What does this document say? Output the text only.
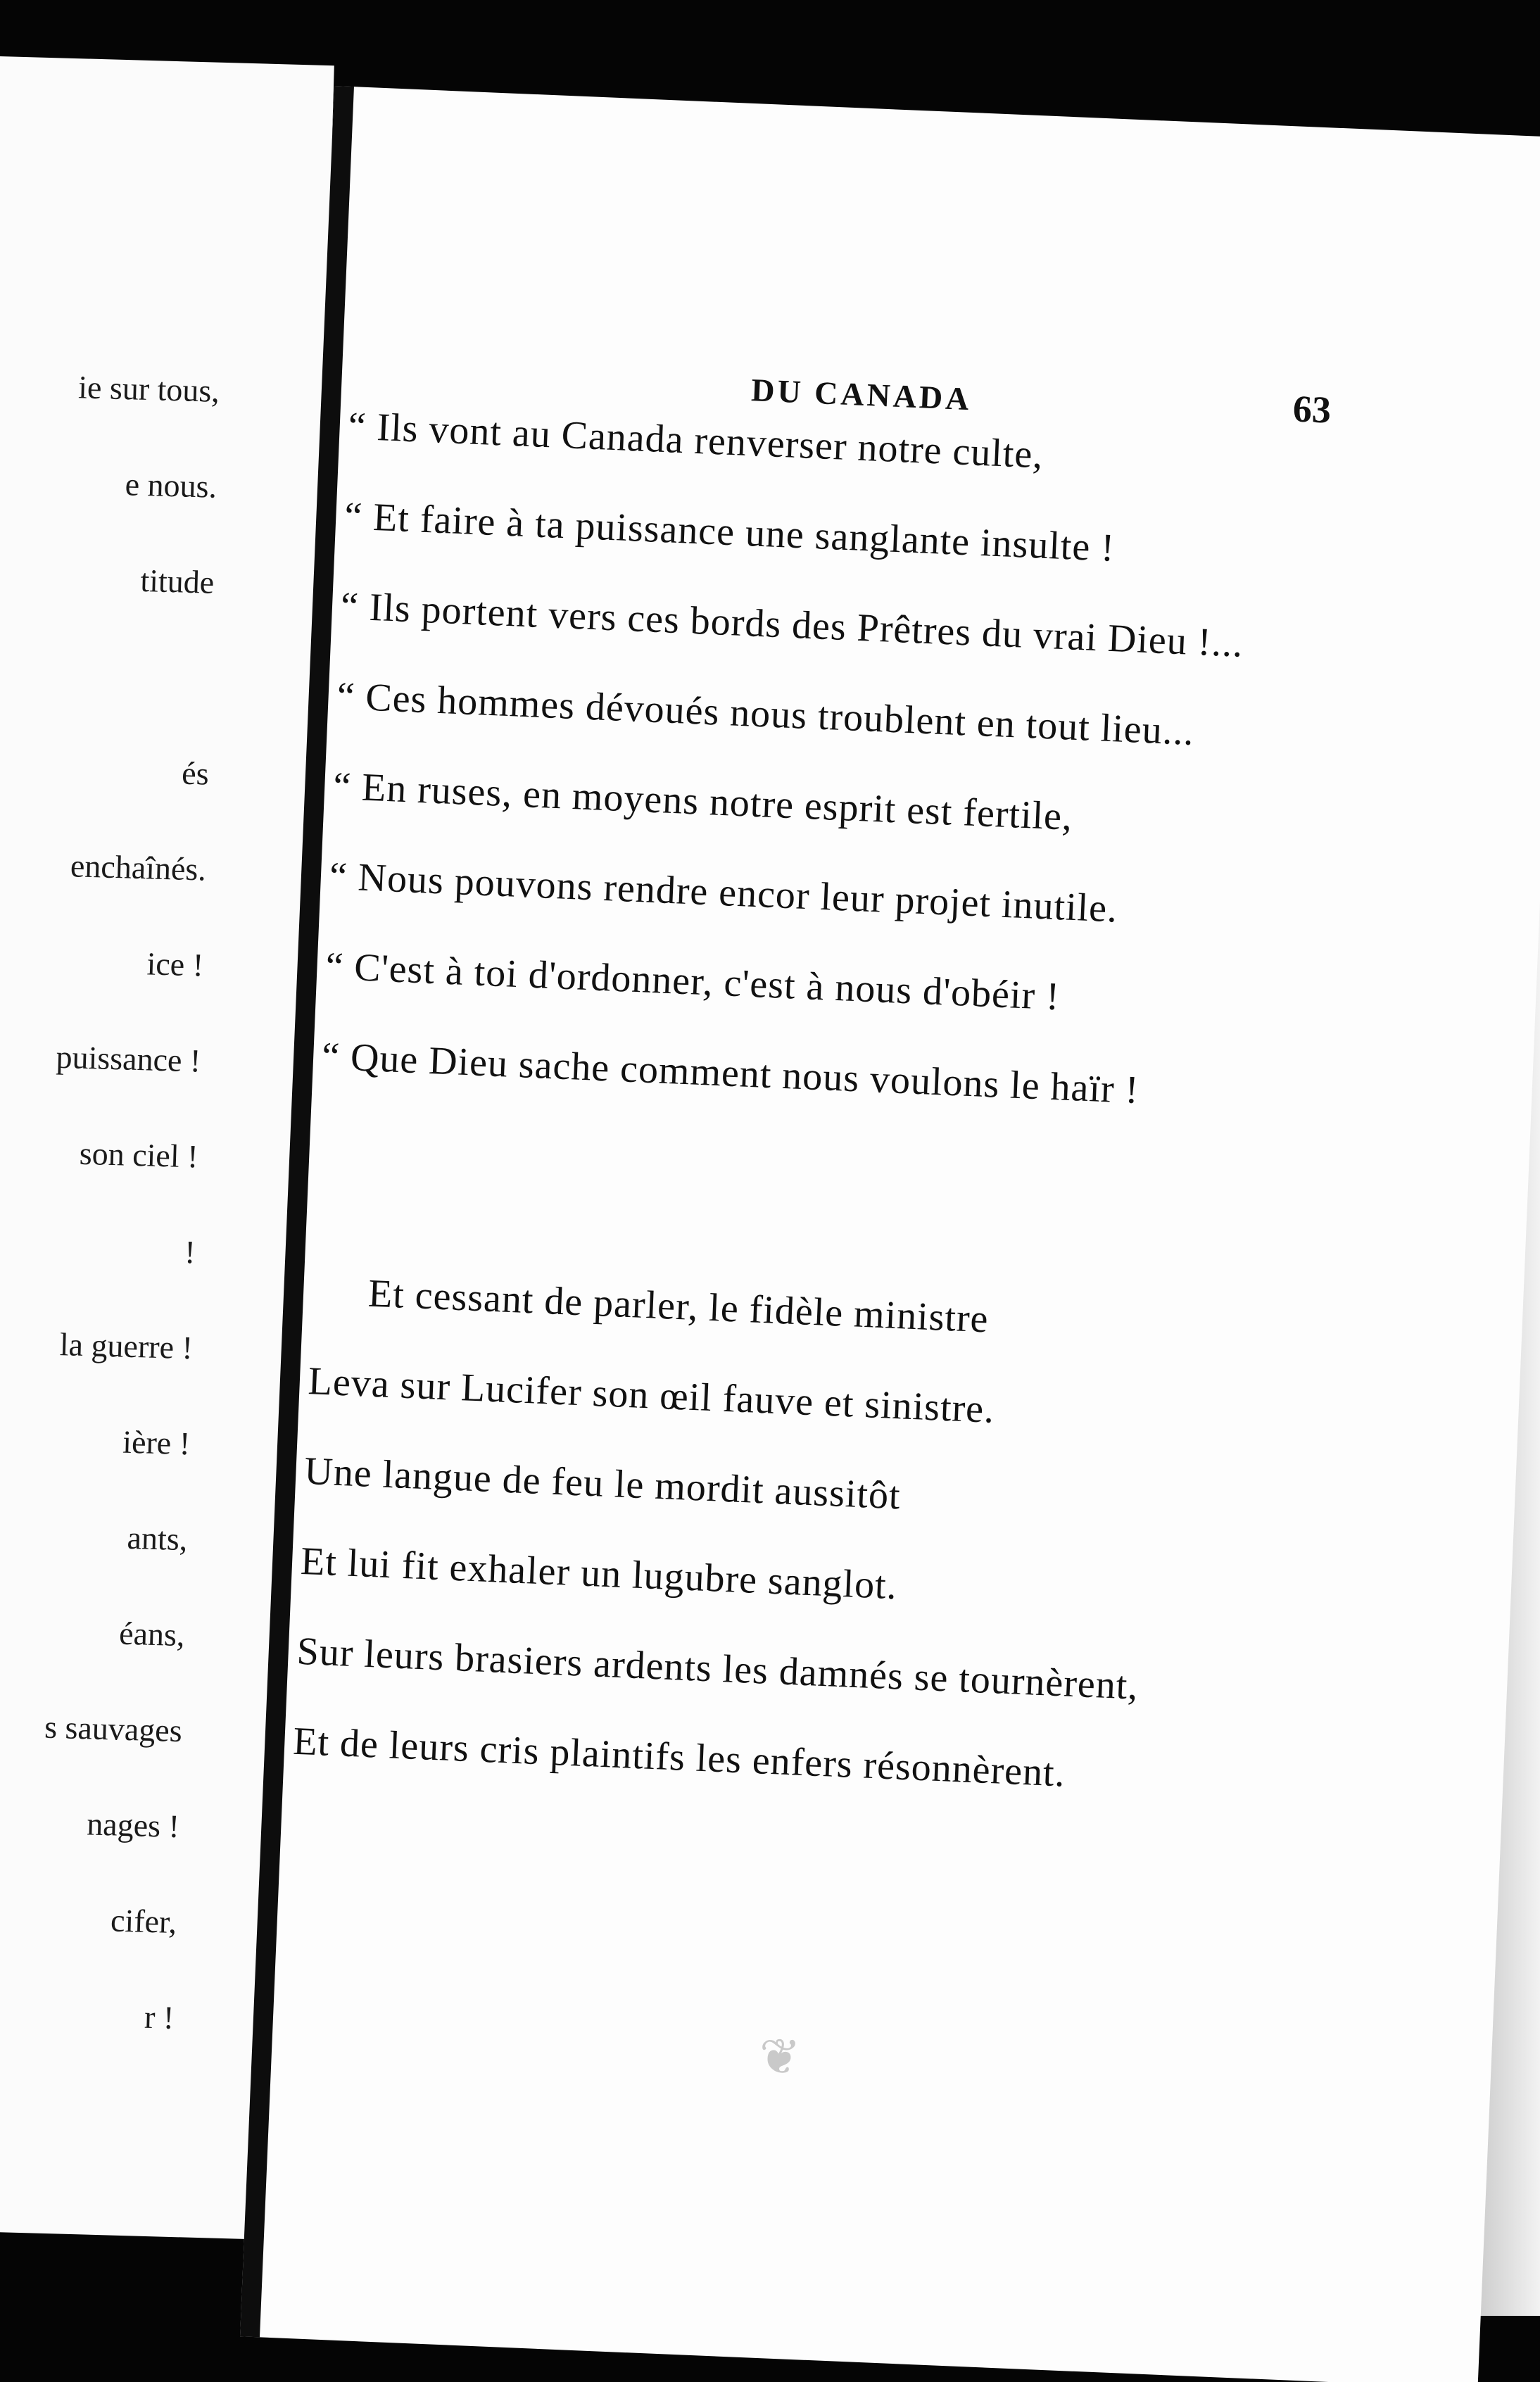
ie sur tous,
e nous.
titude
és
enchaînés.
ice !
puissance !
son ciel !
!
la guerre !
ière !
ants,
éans,
s sauvages
nages !
cifer,
r !
DU CANADA	63
“ Ils vont au Canada renverser notre culte,
“ Et faire à ta puissance une sanglante insulte !
“ Ils portent vers ces bords des Prêtres du vrai Dieu !...
“ Ces hommes dévoués nous troublent en tout lieu...
“ En ruses, en moyens notre esprit est fertile,
“ Nous pouvons rendre encor leur projet inutile.
“ C'est à toi d'ordonner, c'est à nous d'obéir !
“ Que Dieu sache comment nous voulons le haïr !
Et cessant de parler, le fidèle ministre
Leva sur Lucifer son œil fauve et sinistre.
Une langue de feu le mordit aussitôt
Et lui fit exhaler un lugubre sanglot.
Sur leurs brasiers ardents les damnés se tournèrent,
Et de leurs cris plaintifs les enfers résonnèrent.
❦
